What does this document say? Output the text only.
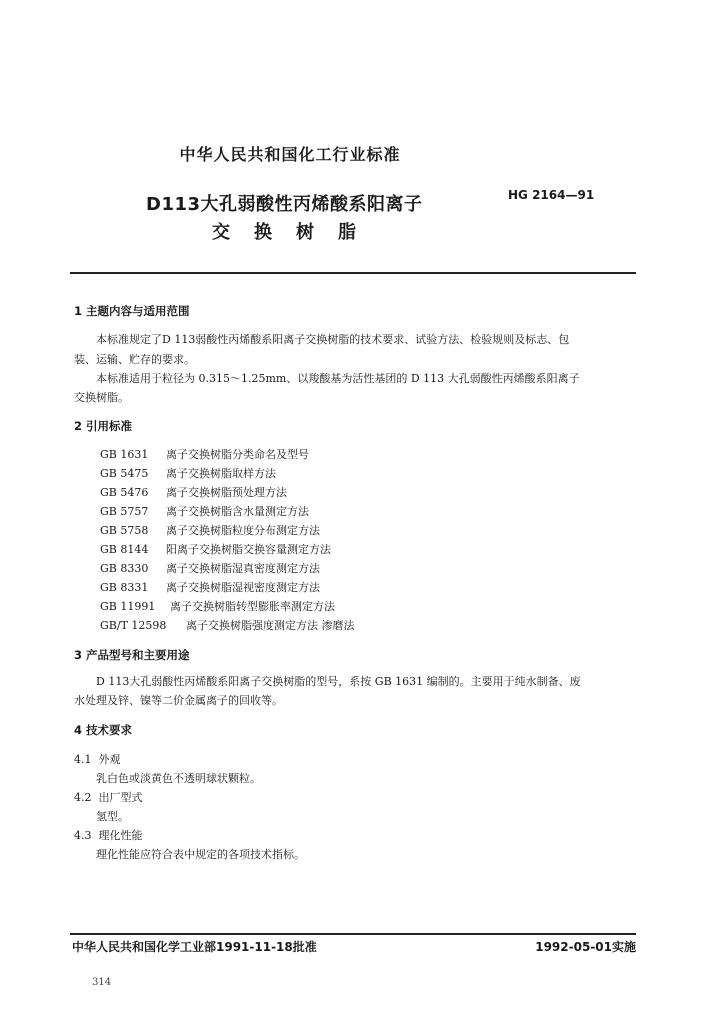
中华人民共和国化工行业标准
D113大孔弱酸性丙烯酸系阳离子
交换树脂
HG 2164—91
1 主题内容与适用范围
本标准规定了D 113弱酸性丙烯酸系阳离子交换树脂的技术要求、试验方法、检验规则及标志、包
装、运输、贮存的要求。
本标准适用于粒径为 0.315～1.25mm、以羧酸基为活性基团的 D 113 大孔弱酸性丙烯酸系阳离子
交换树脂。
2 引用标准
GB 1631 离子交换树脂分类命名及型号
GB 5475 离子交换树脂取样方法
GB 5476 离子交换树脂预处理方法
GB 5757 离子交换树脂含水量测定方法
GB 5758 离子交换树脂粒度分布测定方法
GB 8144 阳离子交换树脂交换容量测定方法
GB 8330 离子交换树脂湿真密度测定方法
GB 8331 离子交换树脂湿视密度测定方法
GB 11991 离子交换树脂转型膨胀率测定方法
GB/T 12598 离子交换树脂强度测定方法 渗磨法
3 产品型号和主要用途
D 113大孔弱酸性丙烯酸系阳离子交换树脂的型号，系按 GB 1631 编制的。主要用于纯水制备、废
水处理及锌、镍等二价金属离子的回收等。
4 技术要求
4.1 外观
乳白色或淡黄色不透明球状颗粒。
4.2 出厂型式
氢型。
4.3 理化性能
理化性能应符合表中规定的各项技术指标。
中华人民共和国化学工业部1991-11-18批准	1992-05-01实施
314
